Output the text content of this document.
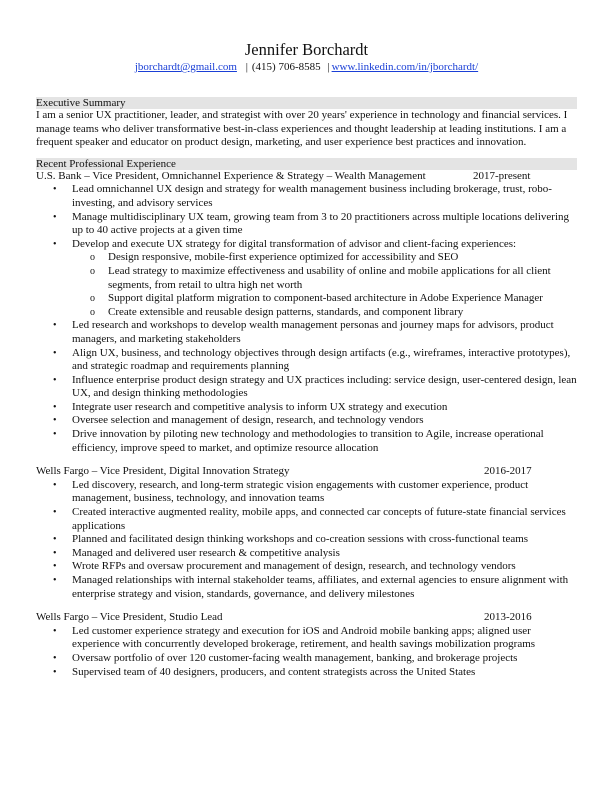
Jennifer Borchardt
jborchardt@gmail.com | (415) 706-8585 | www.linkedin.com/in/jborchardt/
Executive Summary
I am a senior UX practitioner, leader, and strategist with over 20 years' experience in technology and financial services. I manage teams who deliver transformative best-in-class experiences and thought leadership at leading institutions. I am a frequent speaker and educator on product design, marketing, and user experience best practices and innovation.
Recent Professional Experience
U.S. Bank – Vice President, Omnichannel Experience & Strategy – Wealth Management	2017-present
• Lead omnichannel UX design and strategy for wealth management business including brokerage, trust, robo-investing, and advisory services
• Manage multidisciplinary UX team, growing team from 3 to 20 practitioners across multiple locations delivering up to 40 active projects at a given time
• Develop and execute UX strategy for digital transformation of advisor and client-facing experiences:
o Design responsive, mobile-first experience optimized for accessibility and SEO
o Lead strategy to maximize effectiveness and usability of online and mobile applications for all client segments, from retail to ultra high net worth
o Support digital platform migration to component-based architecture in Adobe Experience Manager
o Create extensible and reusable design patterns, standards, and component library
• Led research and workshops to develop wealth management personas and journey maps for advisors, product managers, and marketing stakeholders
• Align UX, business, and technology objectives through design artifacts (e.g., wireframes, interactive prototypes), and strategic roadmap and requirements planning
• Influence enterprise product design strategy and UX practices including: service design, user-centered design, lean UX, and design thinking methodologies
• Integrate user research and competitive analysis to inform UX strategy and execution
• Oversee selection and management of design, research, and technology vendors
• Drive innovation by piloting new technology and methodologies to transition to Agile, increase operational efficiency, improve speed to market, and optimize resource allocation
Wells Fargo – Vice President, Digital Innovation Strategy	2016-2017
• Led discovery, research, and long-term strategic vision engagements with customer experience, product management, business, technology, and innovation teams
• Created interactive augmented reality, mobile apps, and connected car concepts of future-state financial services applications
• Planned and facilitated design thinking workshops and co-creation sessions with cross-functional teams
• Managed and delivered user research & competitive analysis
• Wrote RFPs and oversaw procurement and management of design, research, and technology vendors
• Managed relationships with internal stakeholder teams, affiliates, and external agencies to ensure alignment with enterprise strategy and vision, standards, governance, and delivery milestones
Wells Fargo – Vice President, Studio Lead	2013-2016
• Led customer experience strategy and execution for iOS and Android mobile banking apps; aligned user experience with concurrently developed brokerage, retirement, and health savings mobilization programs
• Oversaw portfolio of over 120 customer-facing wealth management, banking, and brokerage projects
• Supervised team of 40 designers, producers, and content strategists across the United States
